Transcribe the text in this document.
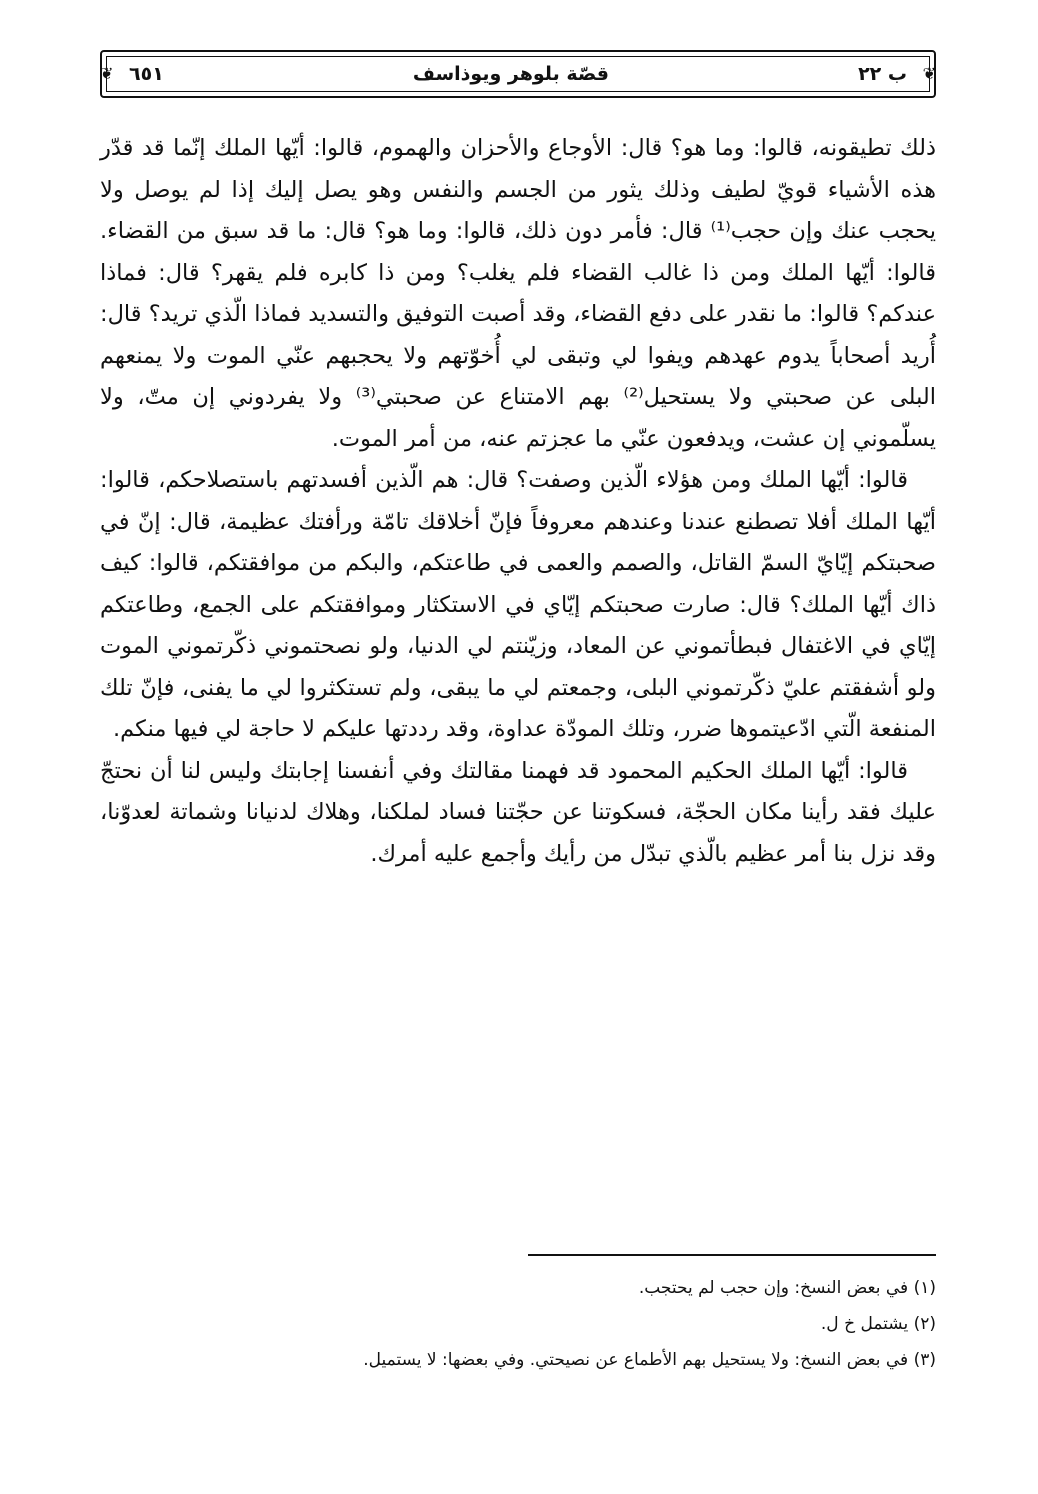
❦	❦
ب ٢٢
قصّة بلوهر ويوذاسف
٦٥١

ذلك تطيقونه، قالوا: وما هو؟ قال: الأوجاع والأحزان والهموم، قالوا: أيّها الملك إنّما قد قدّر هذه الأشياء قويّ لطيف وذلك يثور من الجسم والنفس وهو يصل إليك إذا لم يوصل ولا يحجب عنك وإن حجب⁽¹⁾ قال: فأمر دون ذلك، قالوا: وما هو؟ قال: ما قد سبق من القضاء. قالوا: أيّها الملك ومن ذا غالب القضاء فلم يغلب؟ ومن ذا كابره فلم يقهر؟ قال: فماذا عندكم؟ قالوا: ما نقدر على دفع القضاء، وقد أصبت التوفيق والتسديد فماذا الّذي تريد؟ قال: أُريد أصحاباً يدوم عهدهم ويفوا لي وتبقى لي أُخوّتهم ولا يحجبهم عنّي الموت ولا يمنعهم البلى عن صحبتي ولا يستحيل⁽²⁾ بهم الامتناع عن صحبتي⁽³⁾ ولا يفردوني إن متّ، ولا يسلّموني إن عشت، ويدفعون عنّي ما عجزتم عنه، من أمر الموت.

قالوا: أيّها الملك ومن هؤلاء الّذين وصفت؟ قال: هم الّذين أفسدتهم باستصلاحكم، قالوا: أيّها الملك أفلا تصطنع عندنا وعندهم معروفاً فإنّ أخلاقك تامّة ورأفتك عظيمة، قال: إنّ في صحبتكم إيّايّ السمّ القاتل، والصمم والعمى في طاعتكم، والبكم من موافقتكم، قالوا: كيف ذاك أيّها الملك؟ قال: صارت صحبتكم إيّاي في الاستكثار وموافقتكم على الجمع، وطاعتكم إيّاي في الاغتفال فبطأتموني عن المعاد، وزيّنتم لي الدنيا، ولو نصحتموني ذكّرتموني الموت ولو أشفقتم عليّ ذكّرتموني البلى، وجمعتم لي ما يبقى، ولم تستكثروا لي ما يفنى، فإنّ تلك المنفعة الّتي ادّعيتموها ضرر، وتلك المودّة عداوة، وقد رددتها عليكم لا حاجة لي فيها منكم.

قالوا: أيّها الملك الحكيم المحمود قد فهمنا مقالتك وفي أنفسنا إجابتك وليس لنا أن نحتجّ عليك فقد رأينا مكان الحجّة، فسكوتنا عن حجّتنا فساد لملكنا، وهلاك لدنيانا وشماتة لعدوّنا، وقد نزل بنا أمر عظيم بالّذي تبدّل من رأيك وأجمع عليه أمرك.

(١) في بعض النسخ: وإن حجب لم يحتجب.
(٢) يشتمل خ ل.
(٣) في بعض النسخ: ولا يستحيل بهم الأطماع عن نصيحتي. وفي بعضها: لا يستميل.
